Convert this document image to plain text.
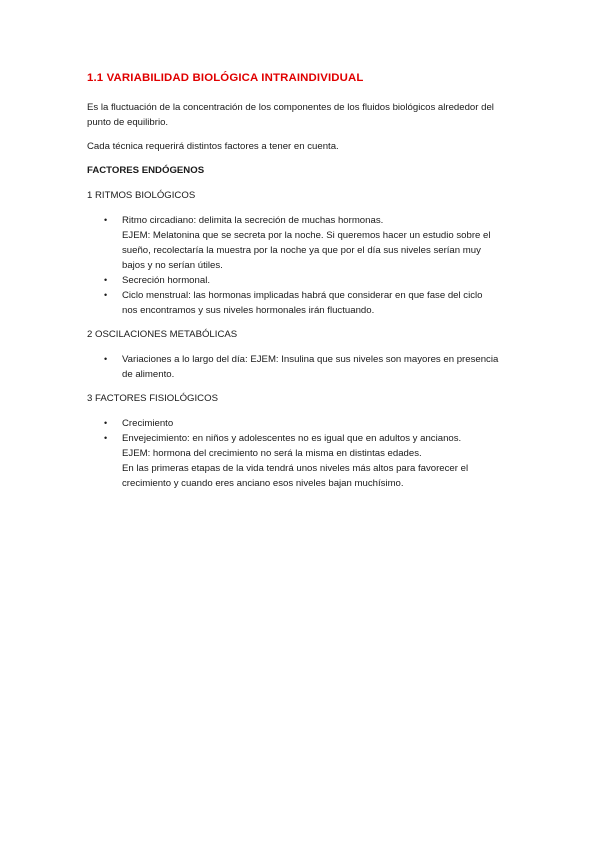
1.1 VARIABILIDAD BIOLÓGICA INTRAINDIVIDUAL

Es la fluctuación de la concentración de los componentes de los fluidos biológicos alrededor del punto de equilibrio.

Cada técnica requerirá distintos factores a tener en cuenta.

FACTORES ENDÓGENOS
1 RITMOS BIOLÓGICOS
• Ritmo circadiano: delimita la secreción de muchas hormonas.
EJEM: Melatonina que se secreta por la noche. Si queremos hacer un estudio sobre el
sueño, recolectaría la muestra por la noche ya que por el día sus niveles serían muy
bajos y no serían útiles.
• Secreción hormonal.
• Ciclo menstrual: las hormonas implicadas habrá que considerar en que fase del ciclo
nos encontramos y sus niveles hormonales irán fluctuando.
2 OSCILACIONES METABÓLICAS
• Variaciones a lo largo del día: EJEM: Insulina que sus niveles son mayores en presencia
de alimento.
3 FACTORES FISIOLÓGICOS
• Crecimiento
• Envejecimiento: en niños y adolescentes no es igual que en adultos y ancianos.
EJEM: hormona del crecimiento no será la misma en distintas edades.
En las primeras etapas de la vida tendrá unos niveles más altos para favorecer el
crecimiento y cuando eres anciano esos niveles bajan muchísimo.
